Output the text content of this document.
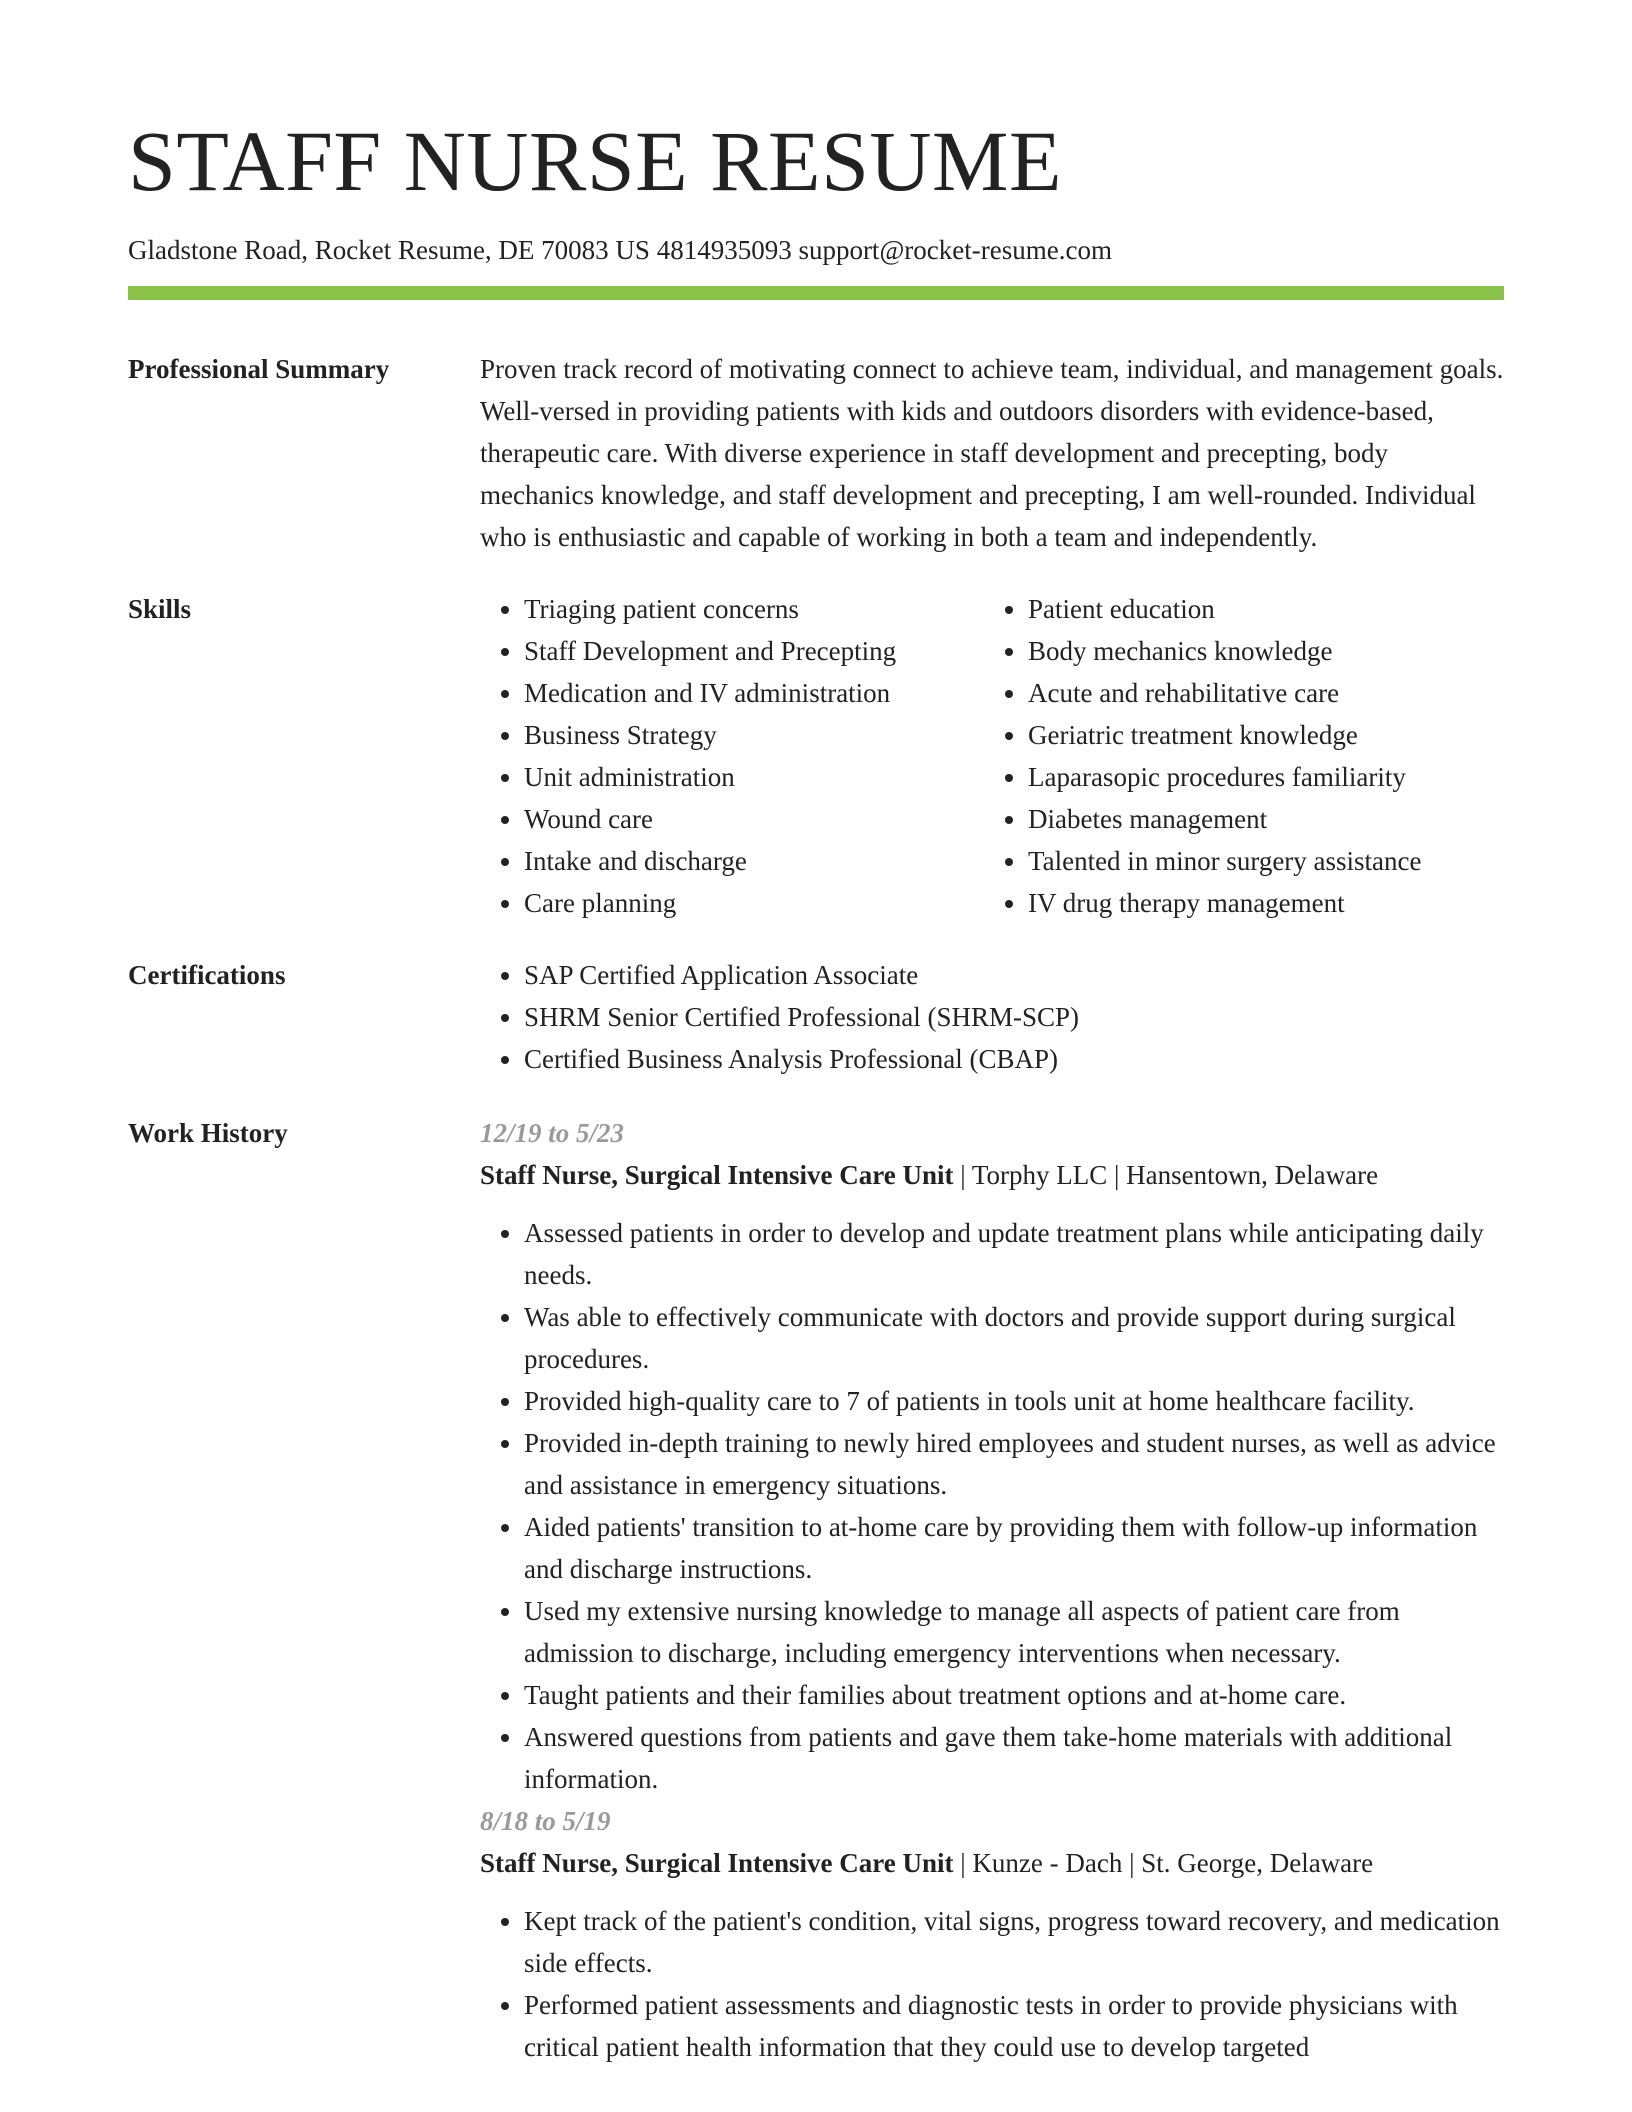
STAFF NURSE RESUME
Gladstone Road, Rocket Resume, DE 70083 US 4814935093 support@rocket-resume.com
Professional Summary	Proven track record of motivating connect to achieve team, individual, and management goals. Well-versed in providing patients with kids and outdoors disorders with evidence-based, therapeutic care. With diverse experience in staff development and precepting, body mechanics knowledge, and staff development and precepting, I am well-rounded. Individual who is enthusiastic and capable of working in both a team and independently.

Skills	• Triaging patient concerns
• Staff Development and Precepting
• Medication and IV administration
• Business Strategy
• Unit administration
• Wound care
• Intake and discharge
• Care planning
• Patient education
• Body mechanics knowledge
• Acute and rehabilitative care
• Geriatric treatment knowledge
• Laparasopic procedures familiarity
• Diabetes management
• Talented in minor surgery assistance
• IV drug therapy management
Certifications	• SAP Certified Application Associate
• SHRM Senior Certified Professional (SHRM-SCP)
• Certified Business Analysis Professional (CBAP)
Work History	12/19 to 5/23
Staff Nurse, Surgical Intensive Care Unit | Torphy LLC | Hansentown, Delaware
• Assessed patients in order to develop and update treatment plans while anticipating daily needs.
• Was able to effectively communicate with doctors and provide support during surgical procedures.
• Provided high-quality care to 7 of patients in tools unit at home healthcare facility.
• Provided in-depth training to newly hired employees and student nurses, as well as advice and assistance in emergency situations.
• Aided patients' transition to at-home care by providing them with follow-up information and discharge instructions.
• Used my extensive nursing knowledge to manage all aspects of patient care from admission to discharge, including emergency interventions when necessary.
• Taught patients and their families about treatment options and at-home care.
• Answered questions from patients and gave them take-home materials with additional information.
8/18 to 5/19
Staff Nurse, Surgical Intensive Care Unit | Kunze - Dach | St. George, Delaware
• Kept track of the patient's condition, vital signs, progress toward recovery, and medication side effects.
• Performed patient assessments and diagnostic tests in order to provide physicians with critical patient health information that they could use to develop targeted
